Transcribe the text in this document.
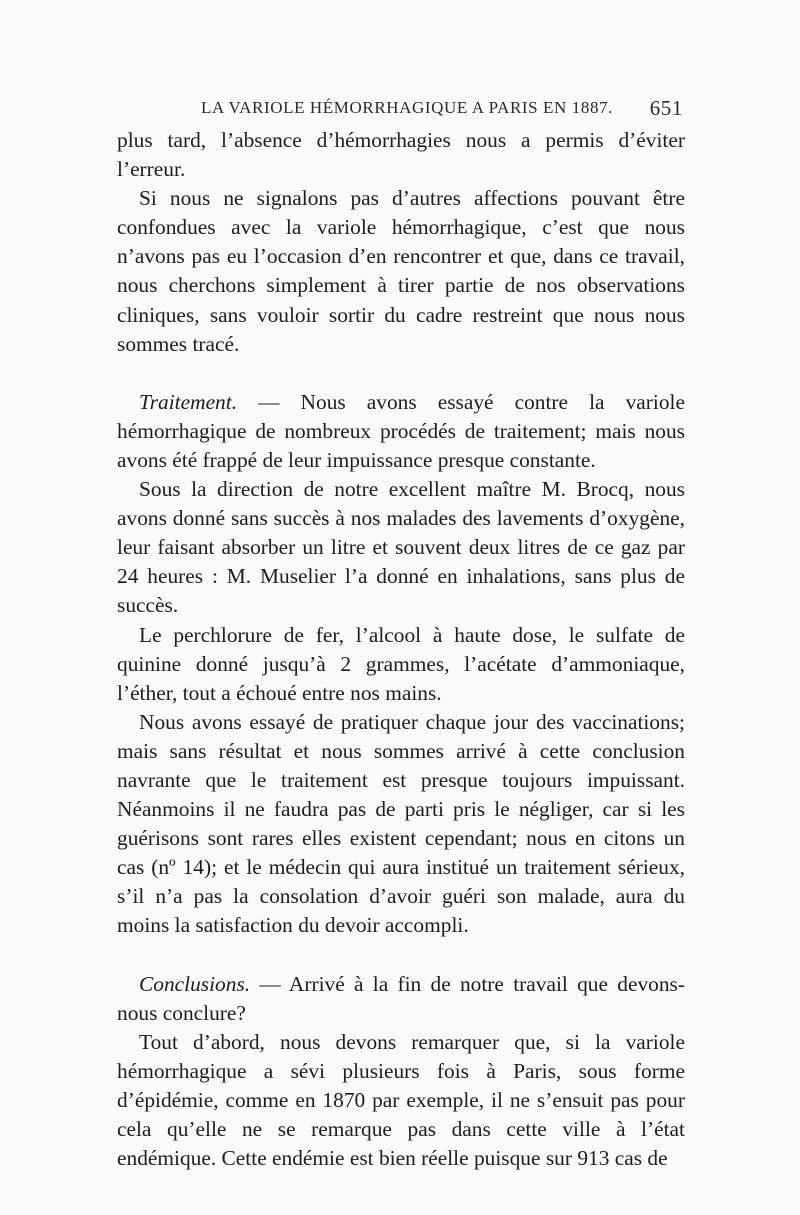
LA VARIOLE HÉMORRHAGIQUE A PARIS EN 1887. 651

plus tard, l’absence d’hémorrhagies nous a permis d’éviter l’erreur.

Si nous ne signalons pas d’autres affections pouvant être confondues avec la variole hémorrhagique, c’est que nous n’avons pas eu l’occasion d’en rencontrer et que, dans ce travail, nous cherchons simplement à tirer partie de nos observations cliniques, sans vouloir sortir du cadre restreint que nous nous sommes tracé.

Traitement. — Nous avons essayé contre la variole hémorrhagique de nombreux procédés de traitement; mais nous avons été frappé de leur impuissance presque constante.

Sous la direction de notre excellent maître M. Brocq, nous avons donné sans succès à nos malades des lavements d’oxygène, leur faisant absorber un litre et souvent deux litres de ce gaz par 24 heures : M. Muselier l’a donné en inhalations, sans plus de succès.

Le perchlorure de fer, l’alcool à haute dose, le sulfate de quinine donné jusqu’à 2 grammes, l’acétate d’ammoniaque, l’éther, tout a échoué entre nos mains.

Nous avons essayé de pratiquer chaque jour des vaccinations; mais sans résultat et nous sommes arrivé à cette conclusion navrante que le traitement est presque toujours impuissant. Néanmoins il ne faudra pas de parti pris le négliger, car si les guérisons sont rares elles existent cependant; nous en citons un cas (nº 14); et le médecin qui aura institué un traitement sérieux, s’il n’a pas la consolation d’avoir guéri son malade, aura du moins la satisfaction du devoir accompli.

Conclusions. — Arrivé à la fin de notre travail que devons-nous conclure?

Tout d’abord, nous devons remarquer que, si la variole hémorrhagique a sévi plusieurs fois à Paris, sous forme d’épidémie, comme en 1870 par exemple, il ne s’ensuit pas pour cela qu’elle ne se remarque pas dans cette ville à l’état endémique. Cette endémie est bien réelle puisque sur 913 cas de
